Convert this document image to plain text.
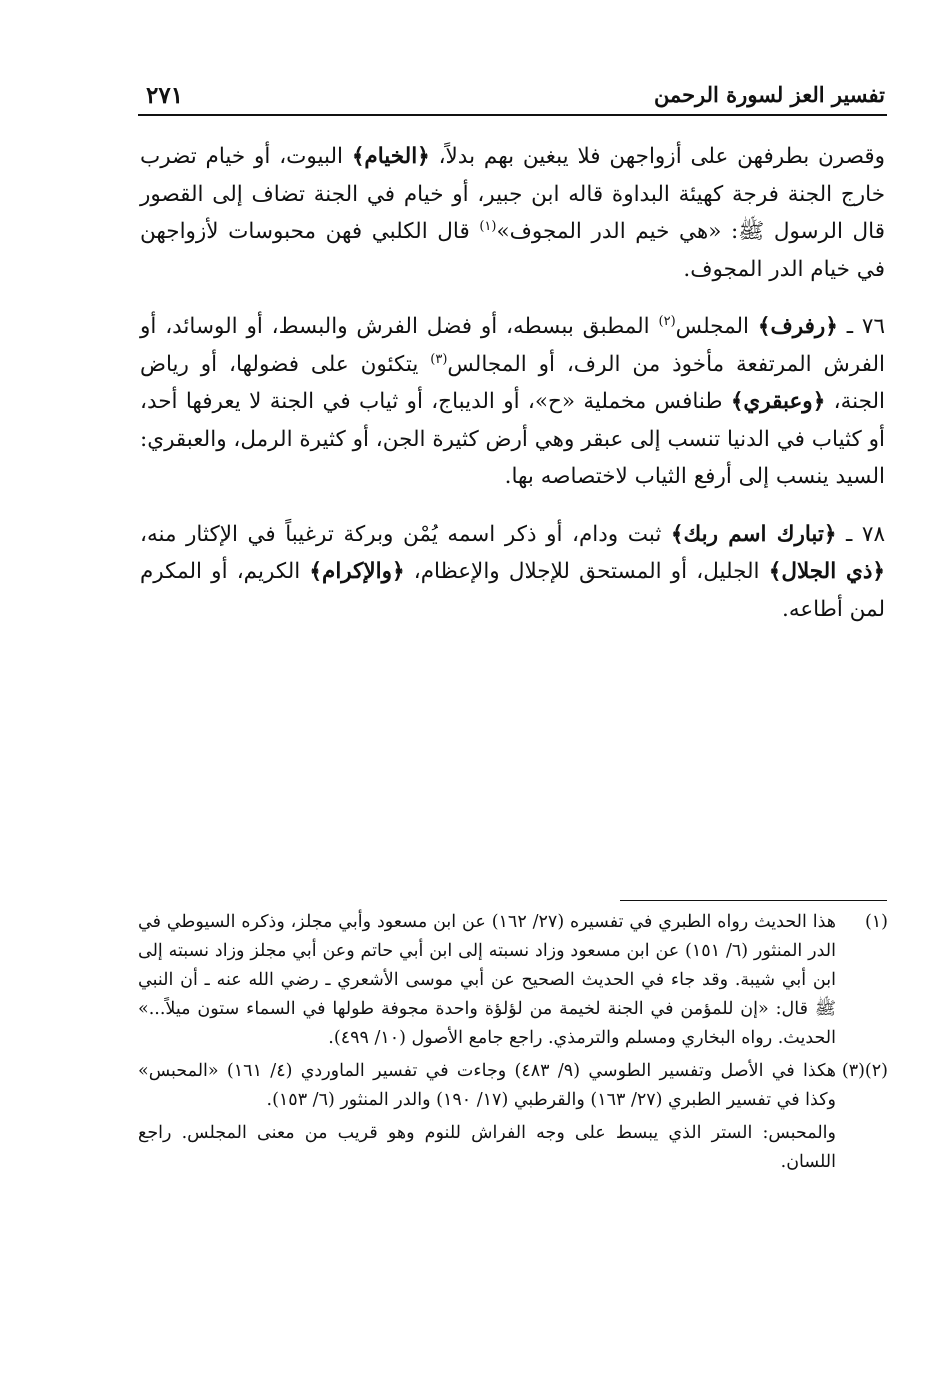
تفسير العز لسورة الرحمن
٢٧١

وقصرن بطرفهن على أزواجهن فلا يبغين بهم بدلاً، ﴿الخيام﴾ البيوت، أو خيام تضرب خارج الجنة فرجة كهيئة البداوة قاله ابن جبير، أو خيام في الجنة تضاف إلى القصور قال الرسول ﷺ: «هي خيم الدر المجوف»$^{(١)}$ قال الكلبي فهن محبوسات لأزواجهن في خيام الدر المجوف.

٧٦ ـ ﴿رفرف﴾ المجلس$^{(٢)}$ المطبق ببسطه، أو فضل الفرش والبسط، أو الوسائد، أو الفرش المرتفعة مأخوذ من الرف، أو المجالس$^{(٣)}$ يتكئون على فضولها، أو رياض الجنة، ﴿وعبقري﴾ طنافس مخملية «ح»، أو الديباج، أو ثياب في الجنة لا يعرفها أحد، أو كثياب في الدنيا تنسب إلى عبقر وهي أرض كثيرة الجن، أو كثيرة الرمل، والعبقري: السيد ينسب إلى أرفع الثياب لاختصاصه بها.

٧٨ ـ ﴿تبارك اسم ربك﴾ ثبت ودام، أو ذكر اسمه يُمْن وبركة ترغيباً في الإكثار منه، ﴿ذي الجلال﴾ الجليل، أو المستحق للإجلال والإعظام، ﴿والإكرام﴾ الكريم، أو المكرم لمن أطاعه.

(١)
هذا الحديث رواه الطبري في تفسيره (٢٧/ ١٦٢) عن ابن مسعود وأبي مجلز، وذكره السيوطي في الدر المنثور (٦/ ١٥١) عن ابن مسعود وزاد نسبته إلى ابن أبي حاتم وعن أبي مجلز وزاد نسبته إلى ابن أبي شيبة. وقد جاء في الحديث الصحيح عن أبي موسى الأشعري ـ رضي الله عنه ـ أن النبي ﷺ قال: «إن للمؤمن في الجنة لخيمة من لؤلؤة واحدة مجوفة طولها في السماء ستون ميلاً...» الحديث. رواه البخاري ومسلم والترمذي. راجع جامع الأصول (١٠/ ٤٩٩).
(٢)(٣)
هكذا في الأصل وتفسير الطوسي (٩/ ٤٨٣) وجاءت في تفسير الماوردي (٤/ ١٦١) «المحبس» وكذا في تفسير الطبري (٢٧/ ١٦٣) والقرطبي (١٧/ ١٩٠) والدر المنثور (٦/ ١٥٣).

والمحبس: الستر الذي يبسط على وجه الفراش للنوم وهو قريب من معنى المجلس. راجع اللسان.
